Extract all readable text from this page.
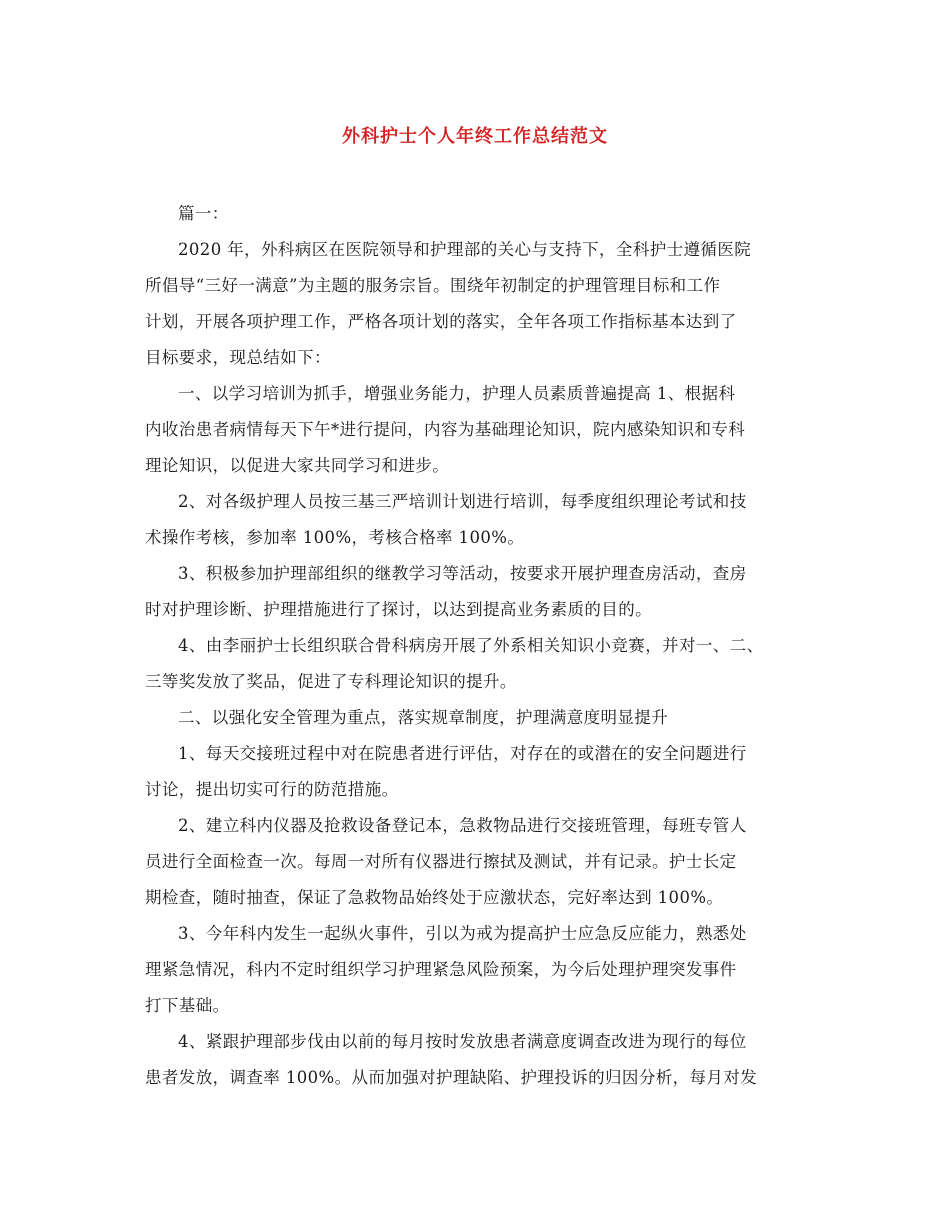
外科护士个人年终工作总结范文
篇一：
2020 年，外科病区在医院领导和护理部的关心与支持下，全科护士遵循医院
所倡导“三好一满意”为主题的服务宗旨。围绕年初制定的护理管理目标和工作
计划，开展各项护理工作，严格各项计划的落实，全年各项工作指标基本达到了
目标要求，现总结如下：
一、以学习培训为抓手，增强业务能力，护理人员素质普遍提高 1、根据科
内收治患者病情每天下午*进行提问，内容为基础理论知识，院内感染知识和专科
理论知识，以促进大家共同学习和进步。
2、对各级护理人员按三基三严培训计划进行培训，每季度组织理论考试和技
术操作考核，参加率 100%，考核合格率 100%。
3、积极参加护理部组织的继教学习等活动，按要求开展护理查房活动，查房
时对护理诊断、护理措施进行了探讨，以达到提高业务素质的目的。
4、由李丽护士长组织联合骨科病房开展了外系相关知识小竞赛，并对一、二、
三等奖发放了奖品，促进了专科理论知识的提升。
二、以强化安全管理为重点，落实规章制度，护理满意度明显提升
1、每天交接班过程中对在院患者进行评估，对存在的或潜在的安全问题进行
讨论，提出切实可行的防范措施。
2、建立科内仪器及抢救设备登记本，急救物品进行交接班管理，每班专管人
员进行全面检查一次。每周一对所有仪器进行擦拭及测试，并有记录。护士长定
期检查，随时抽查，保证了急救物品始终处于应激状态，完好率达到 100%。
3、今年科内发生一起纵火事件，引以为戒为提高护士应急反应能力，熟悉处
理紧急情况，科内不定时组织学习护理紧急风险预案，为今后处理护理突发事件
打下基础。
4、紧跟护理部步伐由以前的每月按时发放患者满意度调查改进为现行的每位
患者发放，调查率 100%。从而加强对护理缺陷、护理投诉的归因分析，每月对发
